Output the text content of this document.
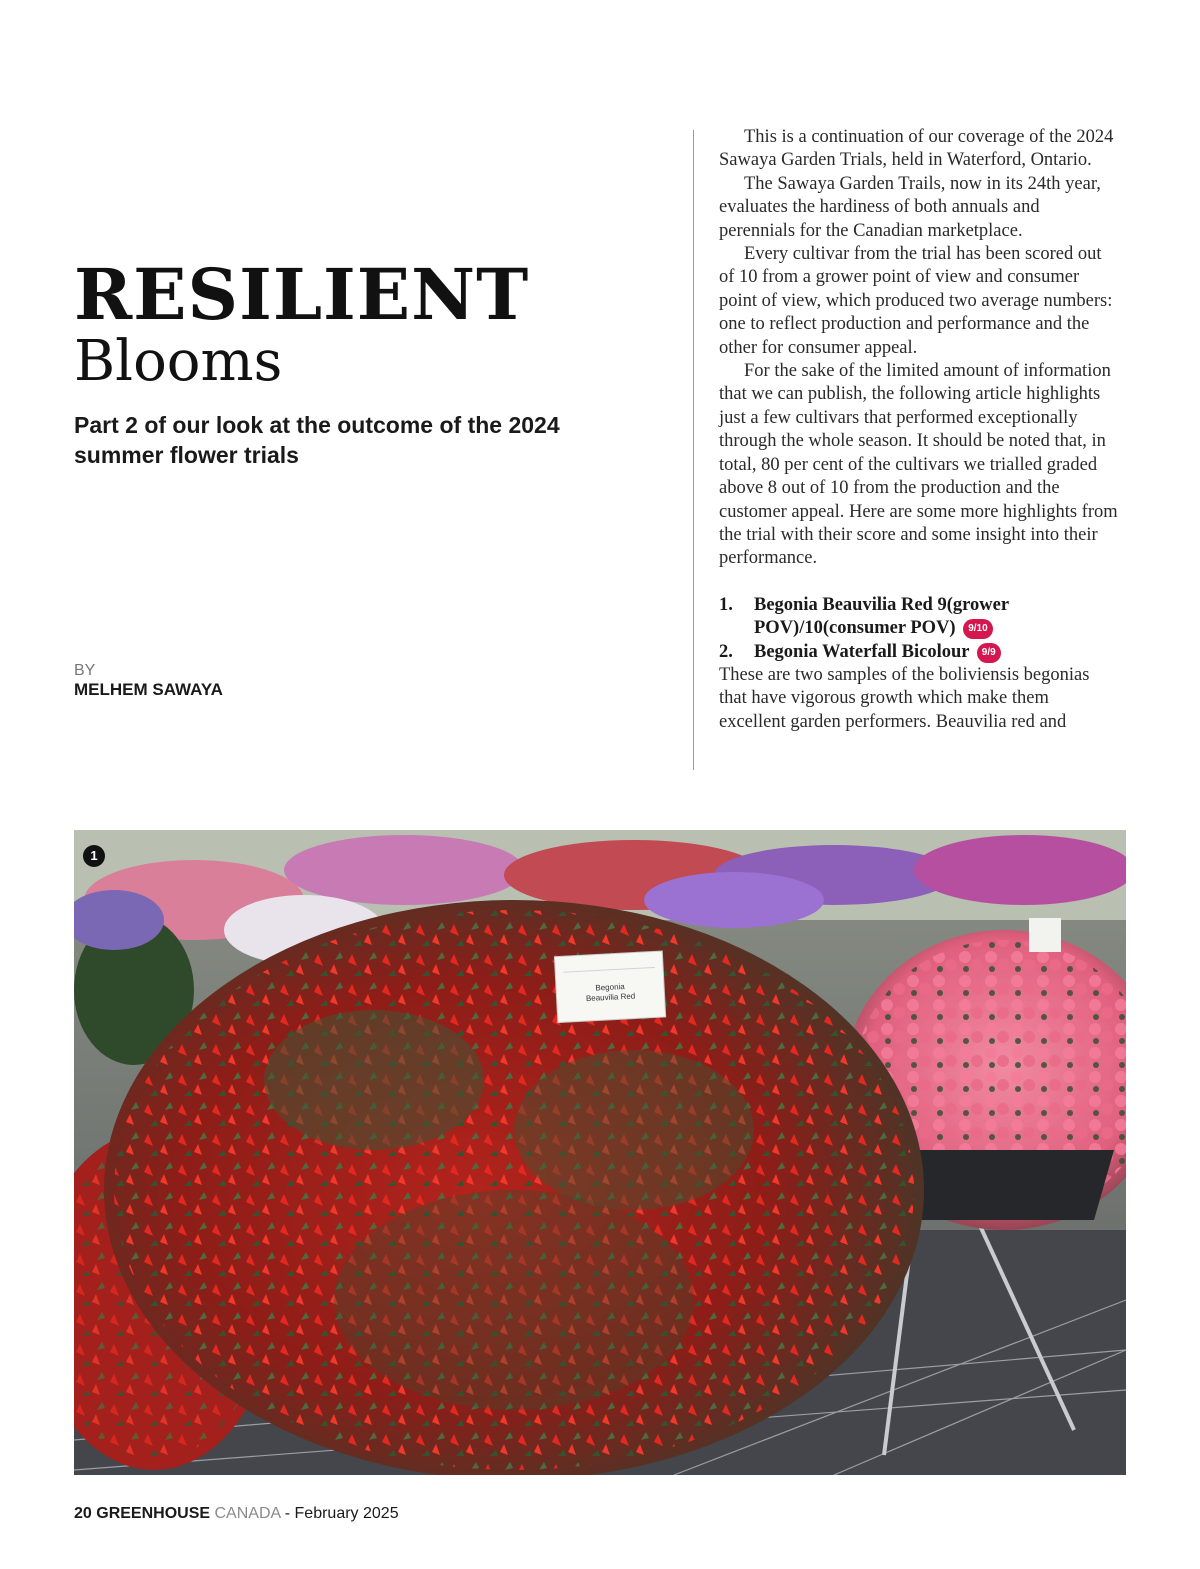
RESILIENT
Blooms
Part 2 of our look at the outcome of the 2024 summer flower trials
BY
MELHEM SAWAYA

This is a continuation of our coverage of the 2024 Sawaya Garden Trials, held in Waterford, Ontario.

The Sawaya Garden Trails, now in its 24th year, evaluates the hardiness of both annuals and perennials for the Canadian marketplace.

Every cultivar from the trial has been scored out of 10 from a grower point of view and consumer point of view, which produced two average numbers: one to reflect production and performance and the other for consumer appeal.

For the sake of the limited amount of information that we can publish, the following article highlights just a few cultivars that performed exceptionally through the whole season. It should be noted that, in total, 80 per cent of the cultivars we trialled graded above 8 out of 10 from the production and the customer appeal. Here are some more highlights from the trial with their score and some insight into their performance.

1. Begonia Beauvilia Red 9(grower POV)/10(consumer POV) 9/10
2. Begonia Waterfall Bicolour 9/9

These are two samples of the boliviensis begonias that have vigorous growth which make them excellent garden performers. Beauvilia red and

Begonia
Beauvilia Red
1
20 GREENHOUSE CANADA - February 2025
